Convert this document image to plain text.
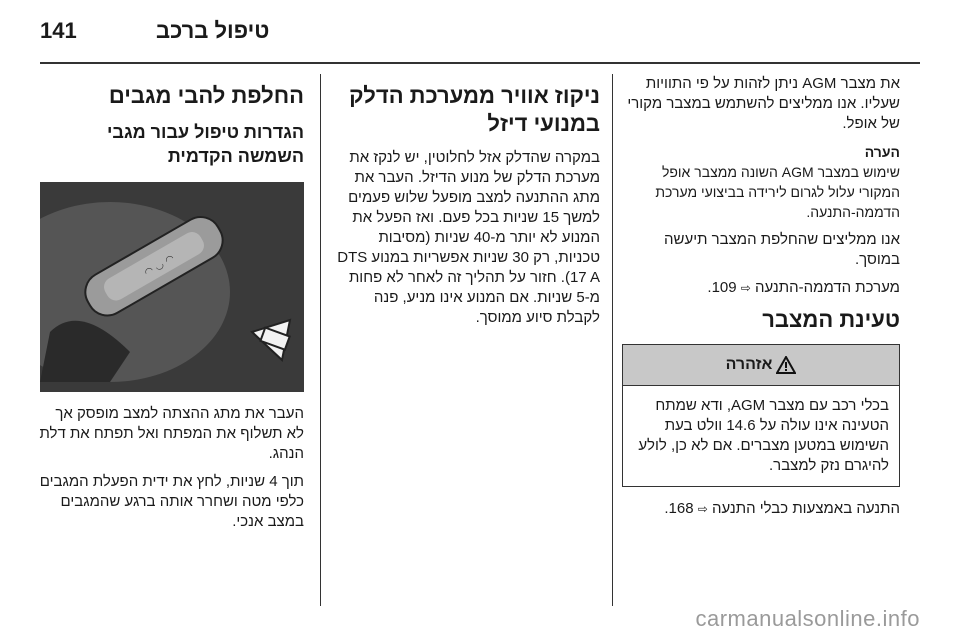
141	טיפול ברכב
החלפת להבי מגבים
הגדרות טיפול עבור מגבי השמשה הקדמית
◠ ◡ ◠

העבר את מתג ההצתה למצב מופסק אך לא תשלוף את המפתח ואל תפתח את דלת הנהג.

תוך 4 שניות, לחץ את ידית הפעלת המגבים כלפי מטה ושחרר אותה ברגע שהמגבים במצב אנכי.

ניקוז אוויר ממערכת הדלק במנועי דיזל

במקרה שהדלק אזל לחלוטין, יש לנקז את מערכת הדלק של מנוע הדיזל. העבר את מתג ההתנעה למצב מופעל שלוש פעמים למשך 15 שניות בכל פעם. ואז הפעל את המנוע לא יותר מ-40 שניות (מסיבות טכניות, רק 30 שניות אפשריות במנוע DTS 17 A). חזור על תהליך זה לאחר לא פחות מ-5 שניות. אם המנוע אינו מניע, פנה לקבלת סיוע ממוסך.

את מצבר AGM ניתן לזהות על פי התוויות שעליו. אנו ממליצים להשתמש במצבר מקורי של אופל.

הערה

שימוש במצבר AGM השונה ממצבר אופל המקורי עלול לגרום לירידה בביצועי מערכת הדממה-התנעה.

אנו ממליצים שהחלפת המצבר תיעשה במוסך.

מערכת הדממה-התנעה ⇨ 109.

טעינת המצבר
אזהרה
בכלי רכב עם מצבר AGM, ודא שמתח הטעינה אינו עולה על 14.6 וולט בעת השימוש במטען מצברים. אם לא כן, לולע להיגרם נזק למצבר.

התנעה באמצעות כבלי התנעה ⇨ 168.

carmanualsonline.info
